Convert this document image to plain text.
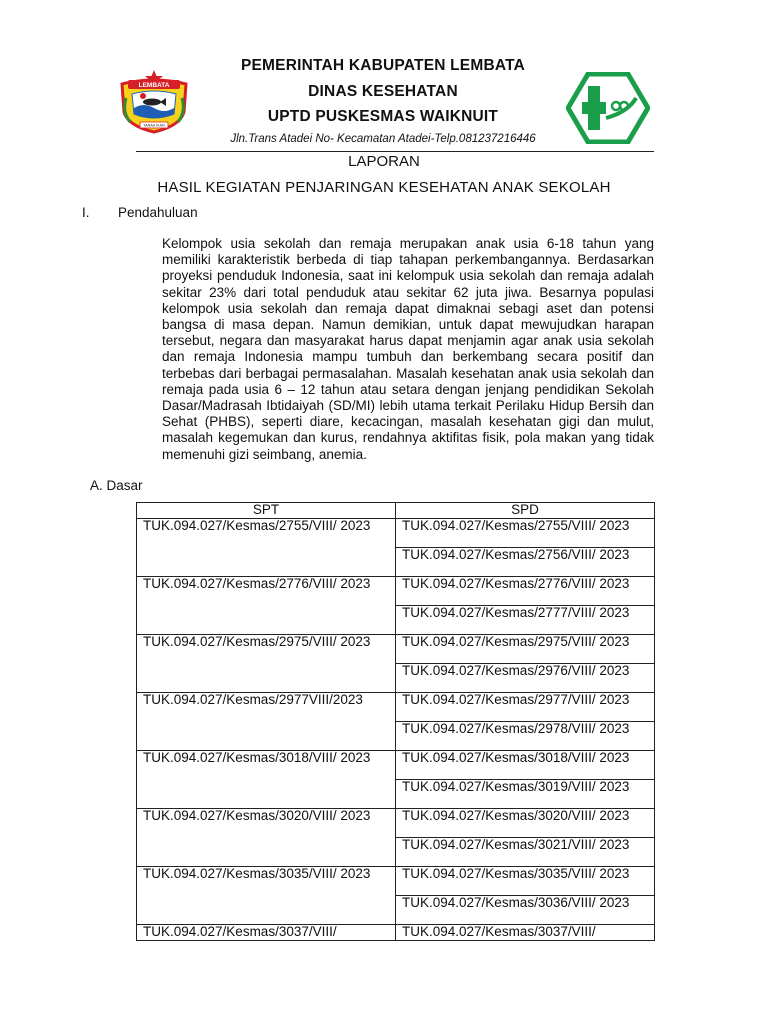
LEMBATA
TANAH IKAN
PEMERINTAH KABUPATEN LEMBATA
DINAS KESEHATAN
UPTD PUSKESMAS WAIKNUIT
Jln.Trans Atadei No- Kecamatan Atadei-Telp.081237216446
LAPORAN
HASIL KEGIATAN PENJARINGAN KESEHATAN ANAK SEKOLAH
I. Pendahuluan

Kelompok usia sekolah dan remaja merupakan anak usia 6-18 tahun yang memiliki karakteristik berbeda di tiap tahapan perkembangannya. Berdasarkan proyeksi penduduk Indonesia, saat ini kelompuk usia sekolah dan remaja adalah sekitar 23% dari total penduduk atau sekitar 62 juta jiwa. Besarnya populasi kelompok usia sekolah dan remaja dapat dimaknai sebagi aset dan potensi bangsa di masa depan. Namun demikian, untuk dapat mewujudkan harapan tersebut, negara dan masyarakat harus dapat menjamin agar anak usia sekolah dan remaja Indonesia mampu tumbuh dan berkembang secara positif dan terbebas dari berbagai permasalahan. Masalah kesehatan anak usia sekolah dan remaja pada usia 6 – 12 tahun atau setara dengan jenjang pendidikan Sekolah Dasar/Madrasah Ibtidaiyah (SD/MI) lebih utama terkait Perilaku Hidup Bersih dan Sehat (PHBS), seperti diare, kecacingan, masalah kesehatan gigi dan mulut, masalah kegemukan dan kurus, rendahnya aktifitas fisik, pola makan yang tidak memenuhi gizi seimbang, anemia.

A. Dasar
SPT	SPD
TUK.094.027/Kesmas/2755/VIII/ 2023	TUK.094.027/Kesmas/2755/VIII/ 2023
	TUK.094.027/Kesmas/2756/VIII/ 2023
TUK.094.027/Kesmas/2776/VIII/ 2023	TUK.094.027/Kesmas/2776/VIII/ 2023
	TUK.094.027/Kesmas/2777/VIII/ 2023
TUK.094.027/Kesmas/2975/VIII/ 2023	TUK.094.027/Kesmas/2975/VIII/ 2023
	TUK.094.027/Kesmas/2976/VIII/ 2023
TUK.094.027/Kesmas/2977VIII/2023	TUK.094.027/Kesmas/2977/VIII/ 2023
	TUK.094.027/Kesmas/2978/VIII/ 2023
TUK.094.027/Kesmas/3018/VIII/ 2023	TUK.094.027/Kesmas/3018/VIII/ 2023
	TUK.094.027/Kesmas/3019/VIII/ 2023
TUK.094.027/Kesmas/3020/VIII/ 2023	TUK.094.027/Kesmas/3020/VIII/ 2023
	TUK.094.027/Kesmas/3021/VIII/ 2023
TUK.094.027/Kesmas/3035/VIII/ 2023	TUK.094.027/Kesmas/3035/VIII/ 2023
	TUK.094.027/Kesmas/3036/VIII/ 2023
TUK.094.027/Kesmas/3037/VIII/	TUK.094.027/Kesmas/3037/VIII/
